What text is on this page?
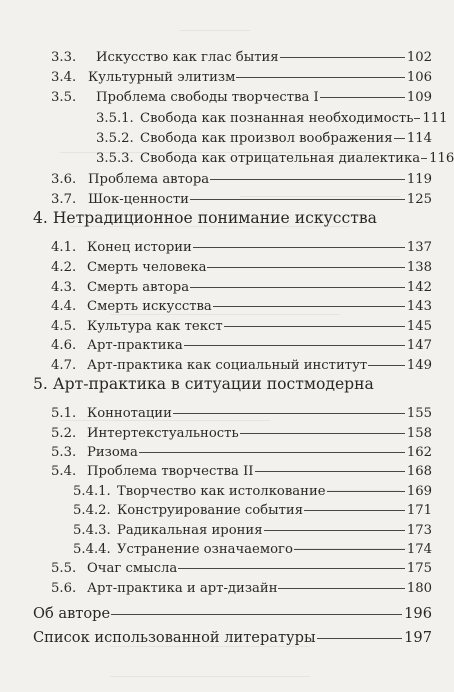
3.3.	Искусство как глас бытия	102
3.4. Культурный элитизм	106
3.5.	Проблема свободы творчества I	109
3.5.1. Свобода как познанная необходимость 111
3.5.2. Свобода как произвол воображения 114
3.5.3. Свобода как отрицательная диалектика 116
3.6. Проблема автора	119
3.7. Шок-ценности	125
4. Нетрадиционное понимание искусства
4.1. Конец истории	137
4.2. Смерть человека	138
4.3. Смерть автора	142
4.4. Смерть искусства	143
4.5. Культура как текст	145
4.6. Арт-практика	147
4.7. Арт-практика как социальный институт	149
5. Арт-практика в ситуации постмодерна
5.1. Коннотации	155
5.2. Интертекстуальность	158
5.3. Ризома	162
5.4. Проблема творчества II	168
5.4.1. Творчество как истолкование	169
5.4.2. Конструирование события	171
5.4.3. Радикальная ирония	173
5.4.4. Устранение означаемого	174
5.5. Очаг смысла	175
5.6. Арт-практика и арт-дизайн	180
Об авторе	196
Список использованной литературы	197
